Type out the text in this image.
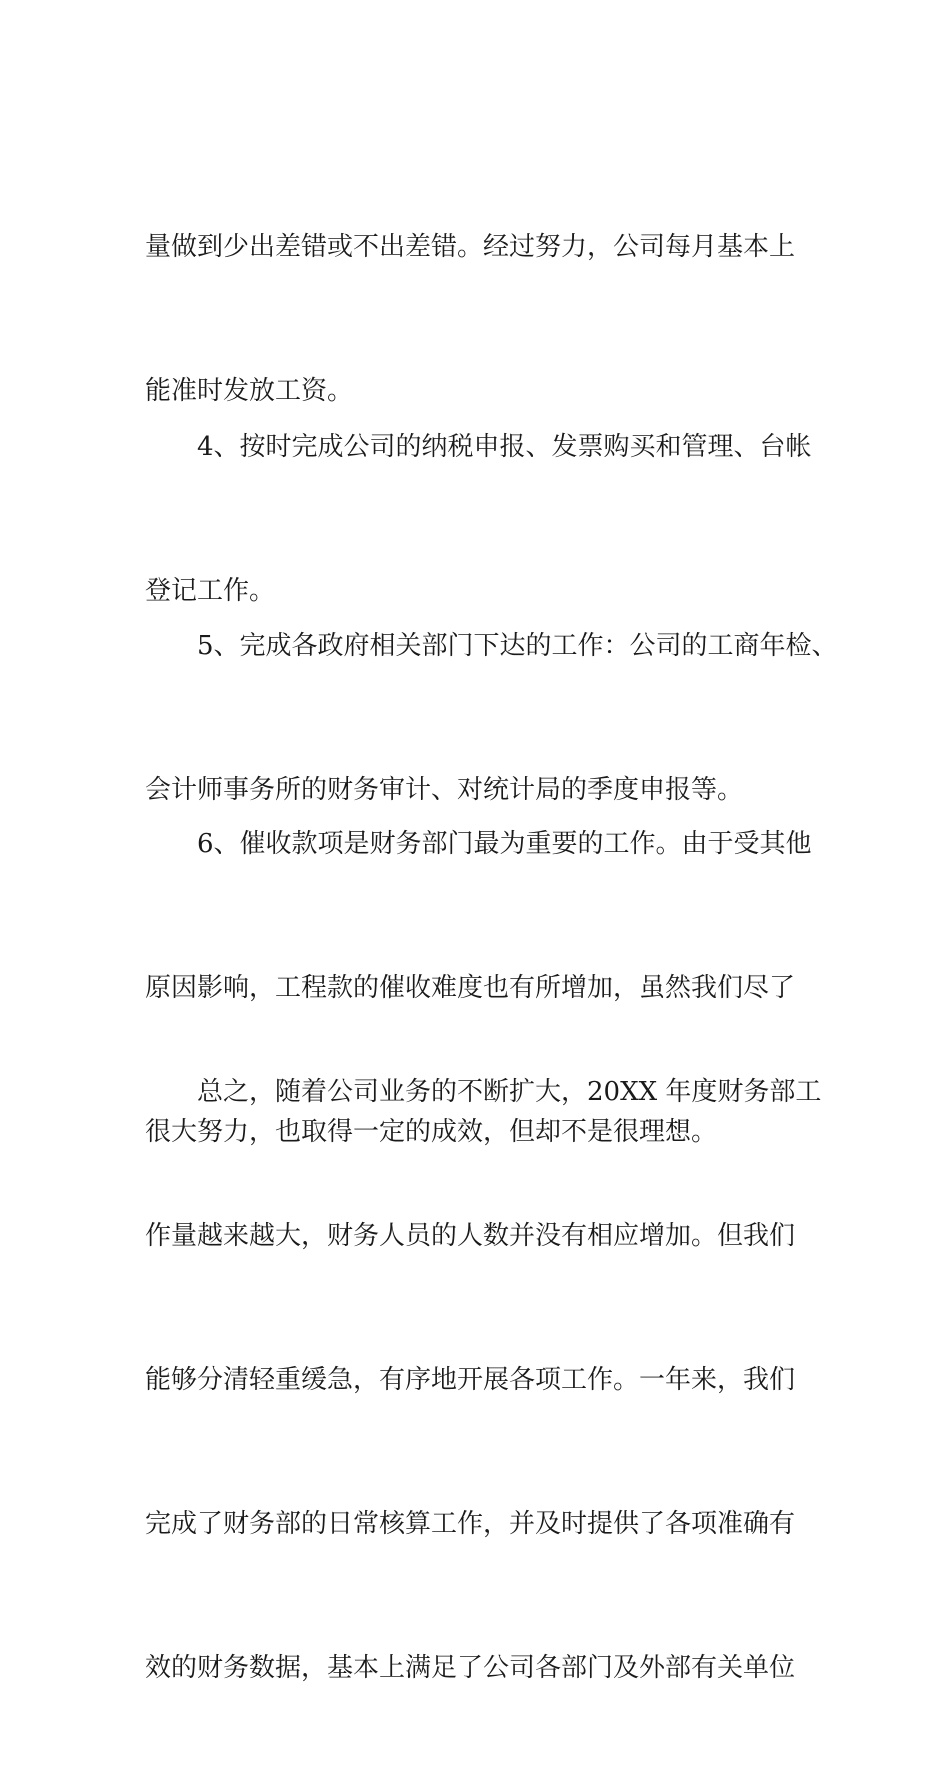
量做到少出差错或不出差错。经过努力，公司每月基本上

能准时发放工资。

4、按时完成公司的纳税申报、发票购买和管理、台帐

登记工作。

5、完成各政府相关部门下达的工作：公司的工商年检、

会计师事务所的财务审计、对统计局的季度申报等。

6、催收款项是财务部门最为重要的工作。由于受其他

原因影响，工程款的催收难度也有所增加，虽然我们尽了

很大努力，也取得一定的成效，但却不是很理想。

总之，随着公司业务的不断扩大，20XX 年度财务部工

作量越来越大，财务人员的人数并没有相应增加。但我们

能够分清轻重缓急，有序地开展各项工作。一年来，我们

完成了财务部的日常核算工作，并及时提供了各项准确有

效的财务数据，基本上满足了公司各部门及外部有关单位
